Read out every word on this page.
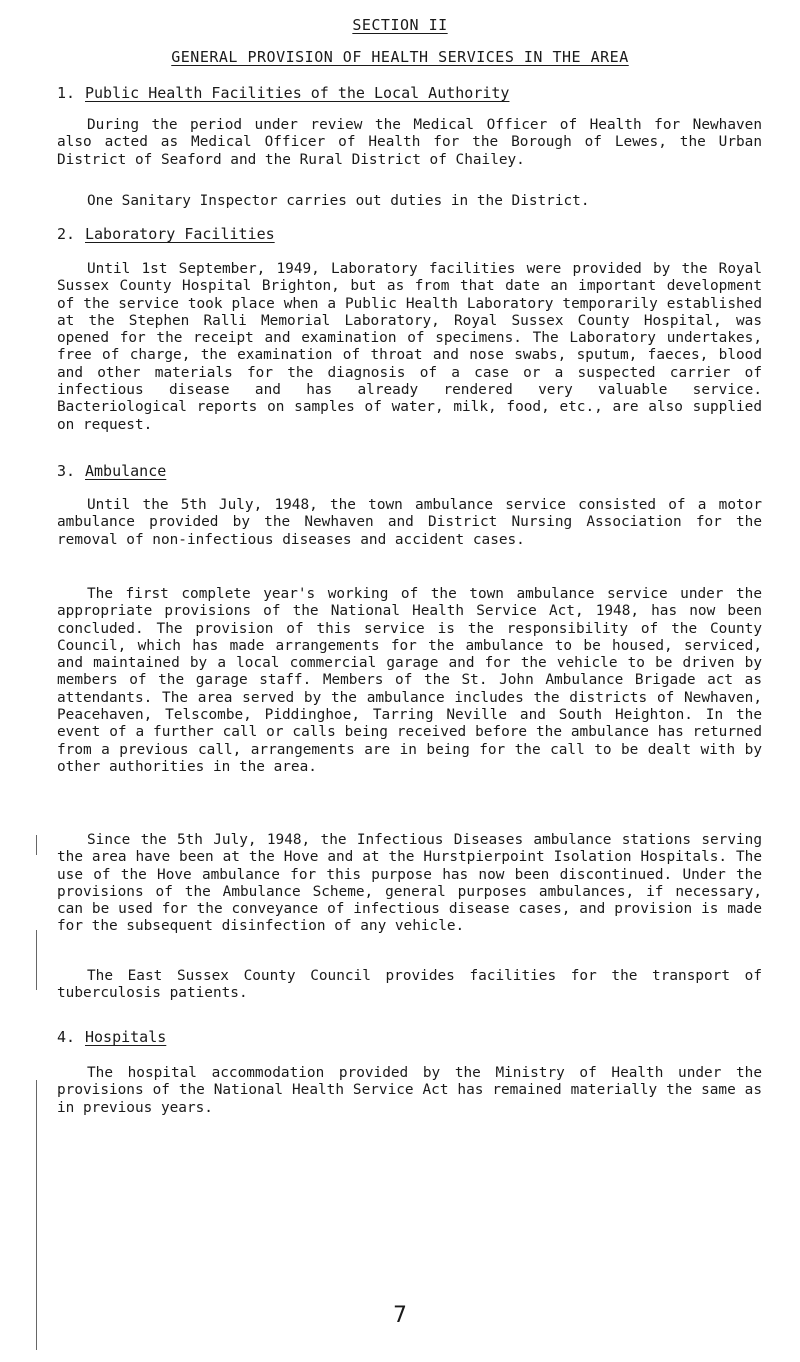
SECTION II
GENERAL PROVISION OF HEALTH SERVICES IN THE AREA
1. Public Health Facilities of the Local Authority

During the period under review the Medical Officer of Health for Newhaven also acted as Medical Officer of Health for the Borough of Lewes, the Urban District of Seaford and the Rural District of Chailey.

One Sanitary Inspector carries out duties in the District.

2. Laboratory Facilities

Until 1st September, 1949, Laboratory facilities were provided by the Royal Sussex County Hospital Brighton, but as from that date an important development of the service took place when a Public Health Laboratory temporarily established at the Stephen Ralli Memorial Laboratory, Royal Sussex County Hospital, was opened for the receipt and examination of specimens. The Laboratory undertakes, free of charge, the examination of throat and nose swabs, sputum, faeces, blood and other materials for the diagnosis of a case or a suspected carrier of infectious disease and has already rendered very valuable service. Bacteriological reports on samples of water, milk, food, etc., are also supplied on request.

3. Ambulance

Until the 5th July, 1948, the town ambulance service consisted of a motor ambulance provided by the Newhaven and District Nursing Association for the removal of non-infectious diseases and accident cases.

The first complete year's working of the town ambulance service under the appropriate provisions of the National Health Service Act, 1948, has now been concluded. The provision of this service is the responsibility of the County Council, which has made arrangements for the ambulance to be housed, serviced, and maintained by a local commercial garage and for the vehicle to be driven by members of the garage staff. Members of the St. John Ambulance Brigade act as attendants. The area served by the ambulance includes the districts of Newhaven, Peacehaven, Telscombe, Piddinghoe, Tarring Neville and South Heighton. In the event of a further call or calls being received before the ambulance has returned from a previous call, arrangements are in being for the call to be dealt with by other authorities in the area.

Since the 5th July, 1948, the Infectious Diseases ambulance stations serving the area have been at the Hove and at the Hurstpierpoint Isolation Hospitals. The use of the Hove ambulance for this purpose has now been discontinued. Under the provisions of the Ambulance Scheme, general purposes ambulances, if necessary, can be used for the conveyance of infectious disease cases, and provision is made for the subsequent disinfection of any vehicle.

The East Sussex County Council provides facilities for the transport of tuberculosis patients.

4. Hospitals

The hospital accommodation provided by the Ministry of Health under the provisions of the National Health Service Act has remained materially the same as in previous years.

7
